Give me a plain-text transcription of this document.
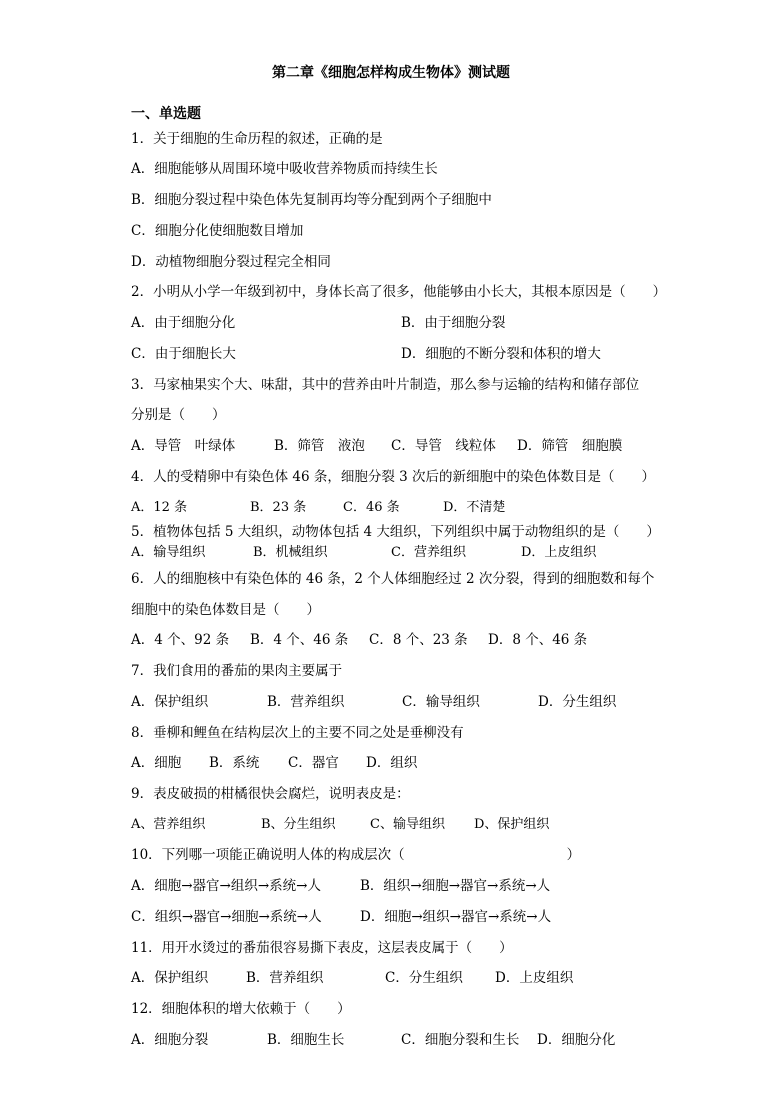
第二章《细胞怎样构成生物体》测试题
一、单选题
1．关于细胞的生命历程的叙述，正确的是
A．细胞能够从周围环境中吸收营养物质而持续生长
B．细胞分裂过程中染色体先复制再均等分配到两个子细胞中
C．细胞分化使细胞数目增加
D．动植物细胞分裂过程完全相同
2．小明从小学一年级到初中，身体长高了很多，他能够由小长大，其根本原因是（　　）
A．由于细胞分化	B．由于细胞分裂
C．由于细胞长大	D．细胞的不断分裂和体积的增大
3．马家柚果实个大、味甜，其中的营养由叶片制造，那么参与运输的结构和储存部位
分别是（　　）
A．导管　叶绿体	B．筛管　液泡 C．导管　线粒体 D．筛管　细胞膜
4．人的受精卵中有染色体 46 条，细胞分裂 3 次后的新细胞中的染色体数目是（　　）
A．12 条	B．23 条	C．46 条	D．不清楚
5．植物体包括 5 大组织，动物体包括 4 大组织，下列组织中属于动物组织的是（　　）
A．输导组织	B．机械组织	C．营养组织	D．上皮组织
6．人的细胞核中有染色体的 46 条，2 个人体细胞经过 2 次分裂，得到的细胞数和每个
细胞中的染色体数目是（　　）
A．4 个、92 条 B．4 个、46 条 C．8 个、23 条 D．8 个、46 条
7．我们食用的番茄的果肉主要属于
A．保护组织	B．营养组织	C．输导组织	D．分生组织
8．垂柳和鲤鱼在结构层次上的主要不同之处是垂柳没有
A．细胞 B．系统 C．器官 D．组织
9．表皮破损的柑橘很快会腐烂，说明表皮是：
A、营养组织	B、分生组织	C、输导组织 D、保护组织
10．下列哪一项能正确说明人体的构成层次（　　　　　　　　　　　　）
A．细胞→器官→组织→系统→人	B．组织→细胞→器官→系统→人
C．组织→器官→细胞→系统→人	D．细胞→组织→器官→系统→人
11．用开水烫过的番茄很容易撕下表皮，这层表皮属于（　　）
A．保护组织	B．营养组织	C．分生组织 D．上皮组织
12．细胞体积的增大依赖于（　　）
A．细胞分裂	B．细胞生长	C．细胞分裂和生长 D．细胞分化
